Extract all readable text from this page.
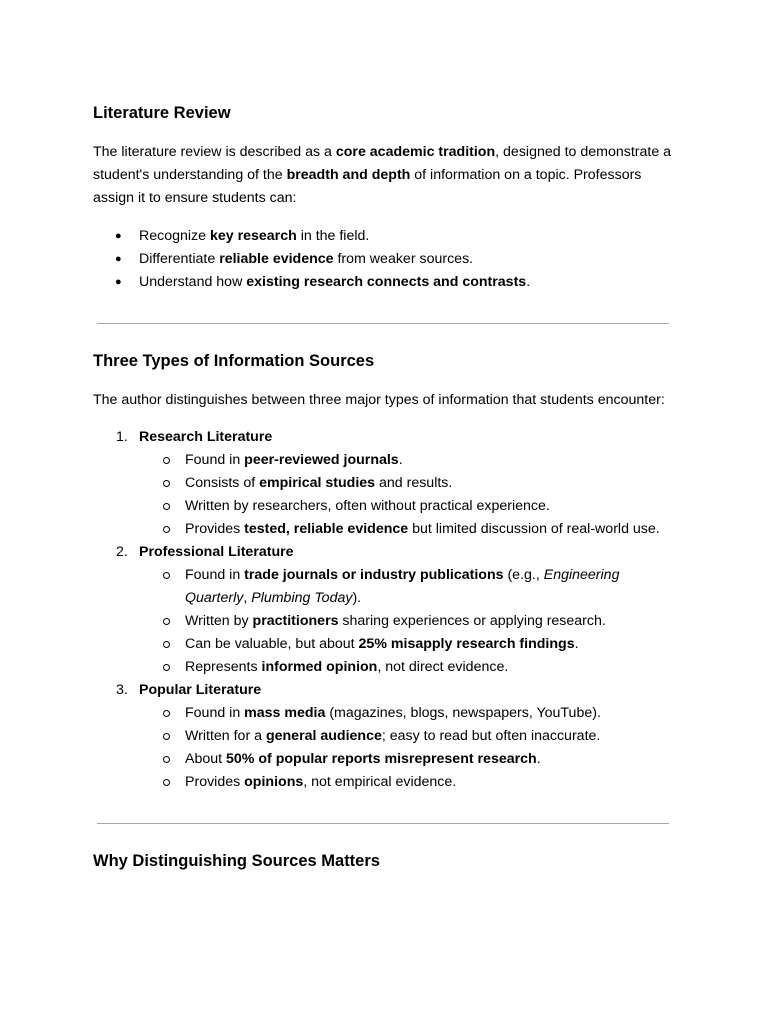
Literature Review

The literature review is described as a core academic tradition, designed to demonstrate a student's understanding of the breadth and depth of information on a topic. Professors assign it to ensure students can:

● Recognize key research in the field.
● Differentiate reliable evidence from weaker sources.
● Understand how existing research connects and contrasts.
Three Types of Information Sources

The author distinguishes between three major types of information that students encounter:

1. Research Literature
Found in peer-reviewed journals.
Consists of empirical studies and results.
Written by researchers, often without practical experience.
Provides tested, reliable evidence but limited discussion of real-world use.
2. Professional Literature
Found in trade journals or industry publications (e.g., Engineering Quarterly, Plumbing Today).
Written by practitioners sharing experiences or applying research.
Can be valuable, but about 25% misapply research findings.
Represents informed opinion, not direct evidence.
3. Popular Literature
Found in mass media (magazines, blogs, newspapers, YouTube).
Written for a general audience; easy to read but often inaccurate.
About 50% of popular reports misrepresent research.
Provides opinions, not empirical evidence.
Why Distinguishing Sources Matters
